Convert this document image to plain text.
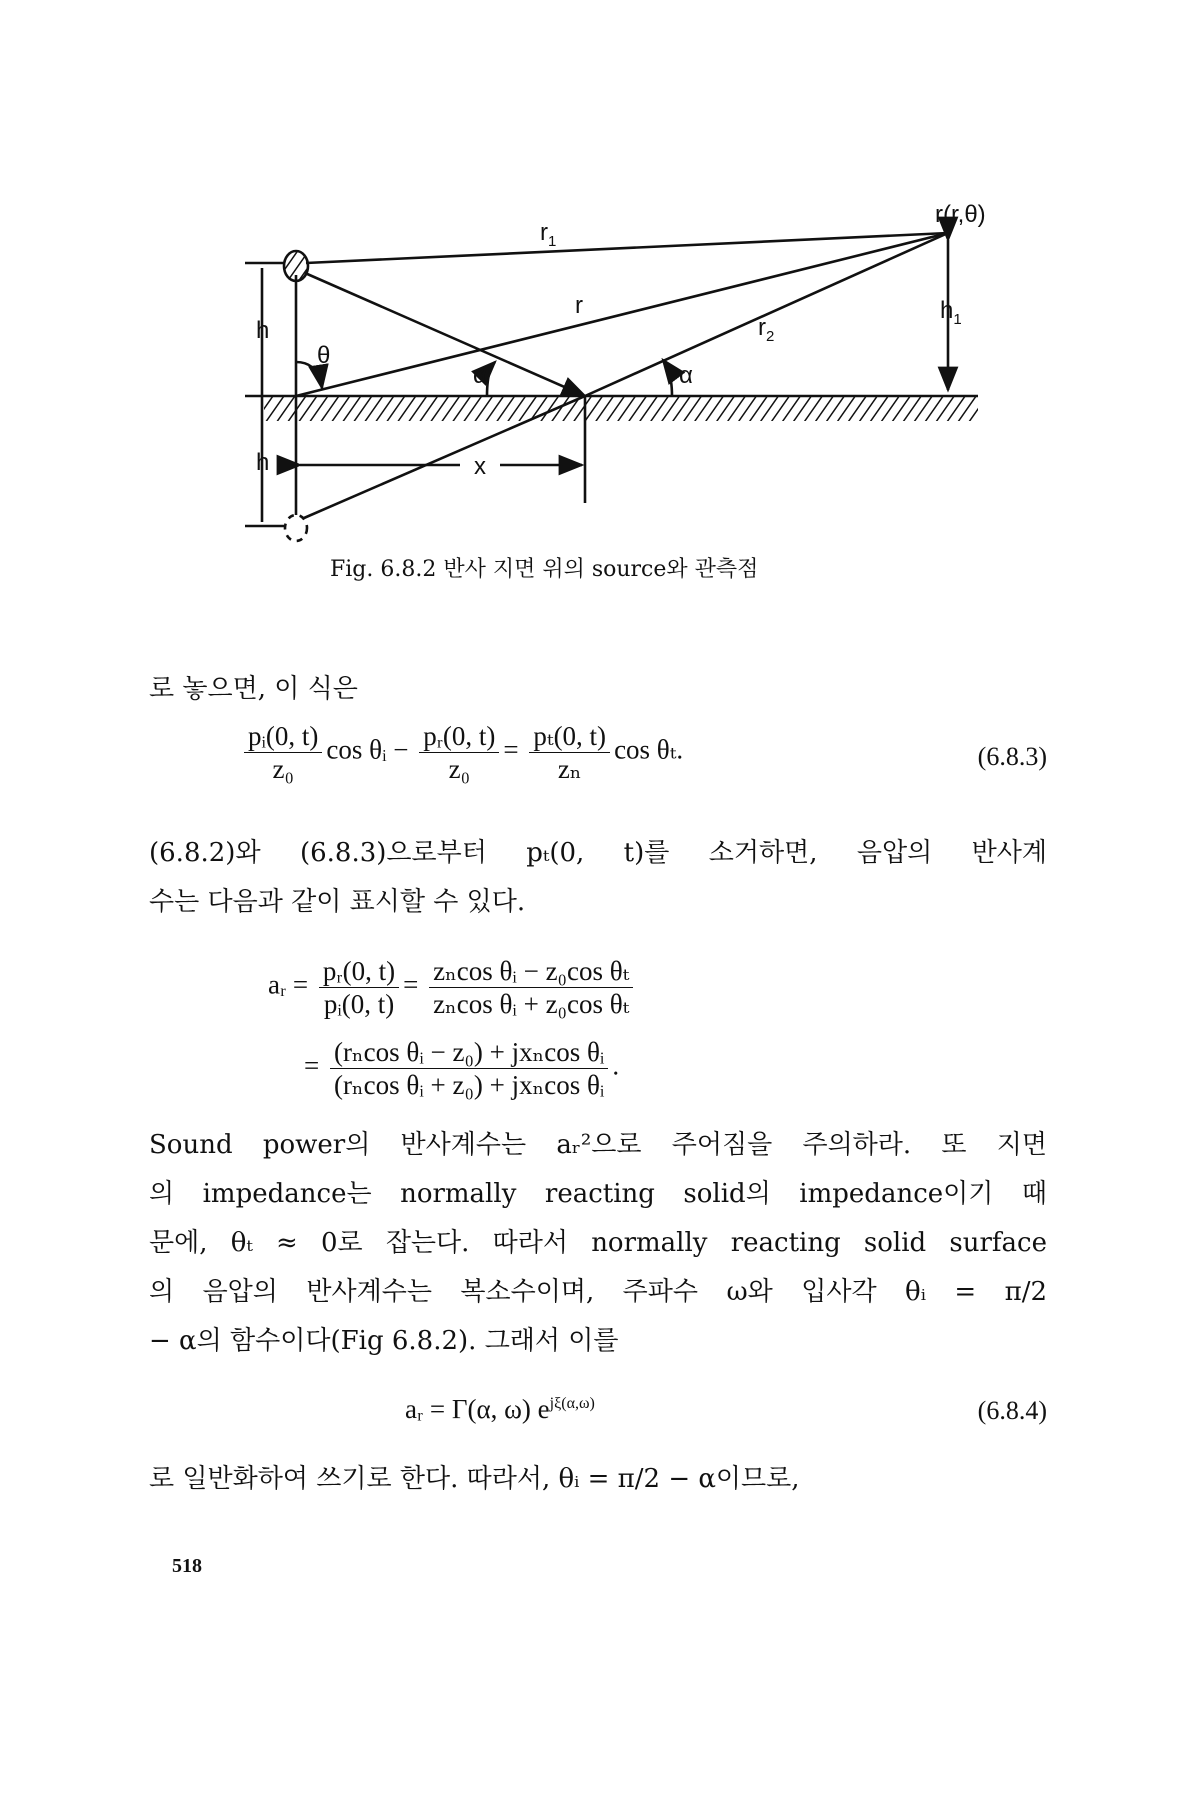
r(r,θ)
$r_1$
r
$r_2$
$h_1$
h
h
θ
α	α
x
Fig. 6.8.2 반사 지면 위의 source와 관측점
로 놓으면, 이 식은
$\frac{\text{pᵢ(0, t)}}{\text{z₀}}$ cos θᵢ − $\frac{\text{pᵣ(0, t)}}{\text{z₀}} = \frac{\text{pₜ(0, t)}}{\text{zₙ}}$ cos θₜ.	(6.8.3)
(6.8.2)와 (6.8.3)으로부터 pₜ(0, t)를 소거하면, 음압의 반사계
수는 다음과 같이 표시할 수 있다.
aᵣ = $\frac{\text{pᵣ(0, t)}}{\text{pᵢ(0, t)}} = \frac{\text{zₙcos θᵢ − z₀cos θₜ}}{\text{zₙcos θᵢ + z₀cos θₜ}}$
= $\frac{\text{(rₙcos θᵢ − z₀) + jxₙcos θᵢ}}{\text{(rₙcos θᵢ + z₀) + jxₙcos θᵢ}}$ .
Sound power의 반사계수는 aᵣ²으로 주어짐을 주의하라. 또 지면
의 impedance는 normally reacting solid의 impedance이기 때
문에, θₜ ≈ 0로 잡는다. 따라서 normally reacting solid surface
의 음압의 반사계수는 복소수이며, 주파수 ω와 입사각 θᵢ = π/2
− α의 함수이다(Fig 6.8.2). 그래서 이를
aᵣ = Γ(α, ω) $e^{j\xi(\alpha,\omega)}$	(6.8.4)
로 일반화하여 쓰기로 한다. 따라서, θᵢ = π/2 − α이므로,
518
